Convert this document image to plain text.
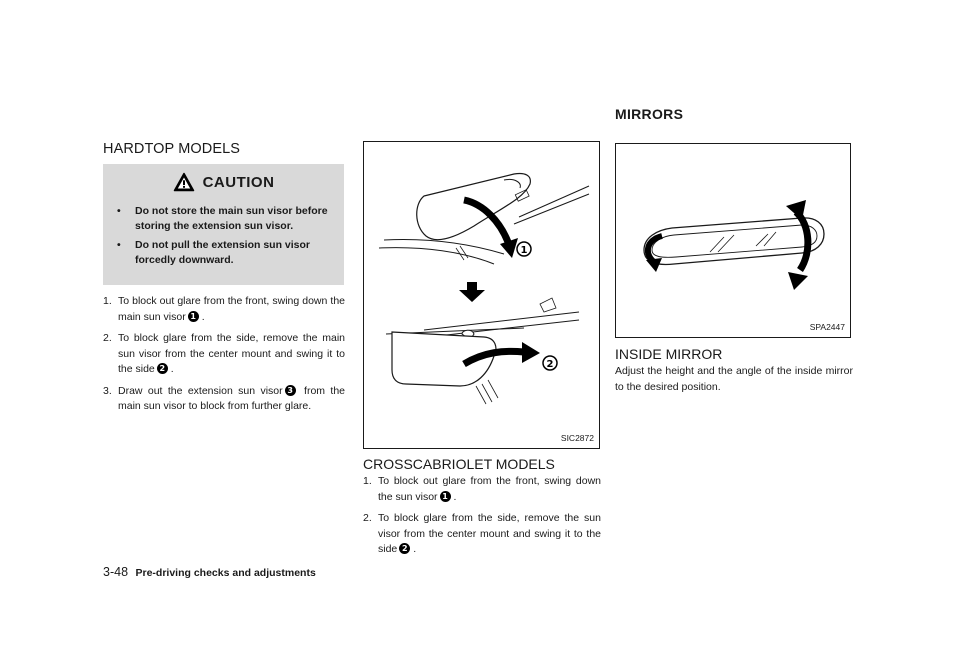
HARDTOP MODELS
CAUTION
•	Do not store the main sun visor before storing the extension sun visor.
•	Do not pull the extension sun visor forcedly downward.
1. To block out glare from the front, swing down the main sun visor 1 .
2. To block glare from the side, remove the main sun visor from the center mount and swing it to the side 2 .
3. Draw out the extension sun visor 3 from the main sun visor to block from further glare.
3-48 Pre-driving checks and adjustments
1
2
SIC2872
CROSSCABRIOLET MODELS
1. To block out glare from the front, swing down the sun visor 1 .
2. To block glare from the side, remove the sun visor from the center mount and swing it to the side 2 .
MIRRORS
SPA2447
INSIDE MIRROR
Adjust the height and the angle of the inside mirror to the desired position.
